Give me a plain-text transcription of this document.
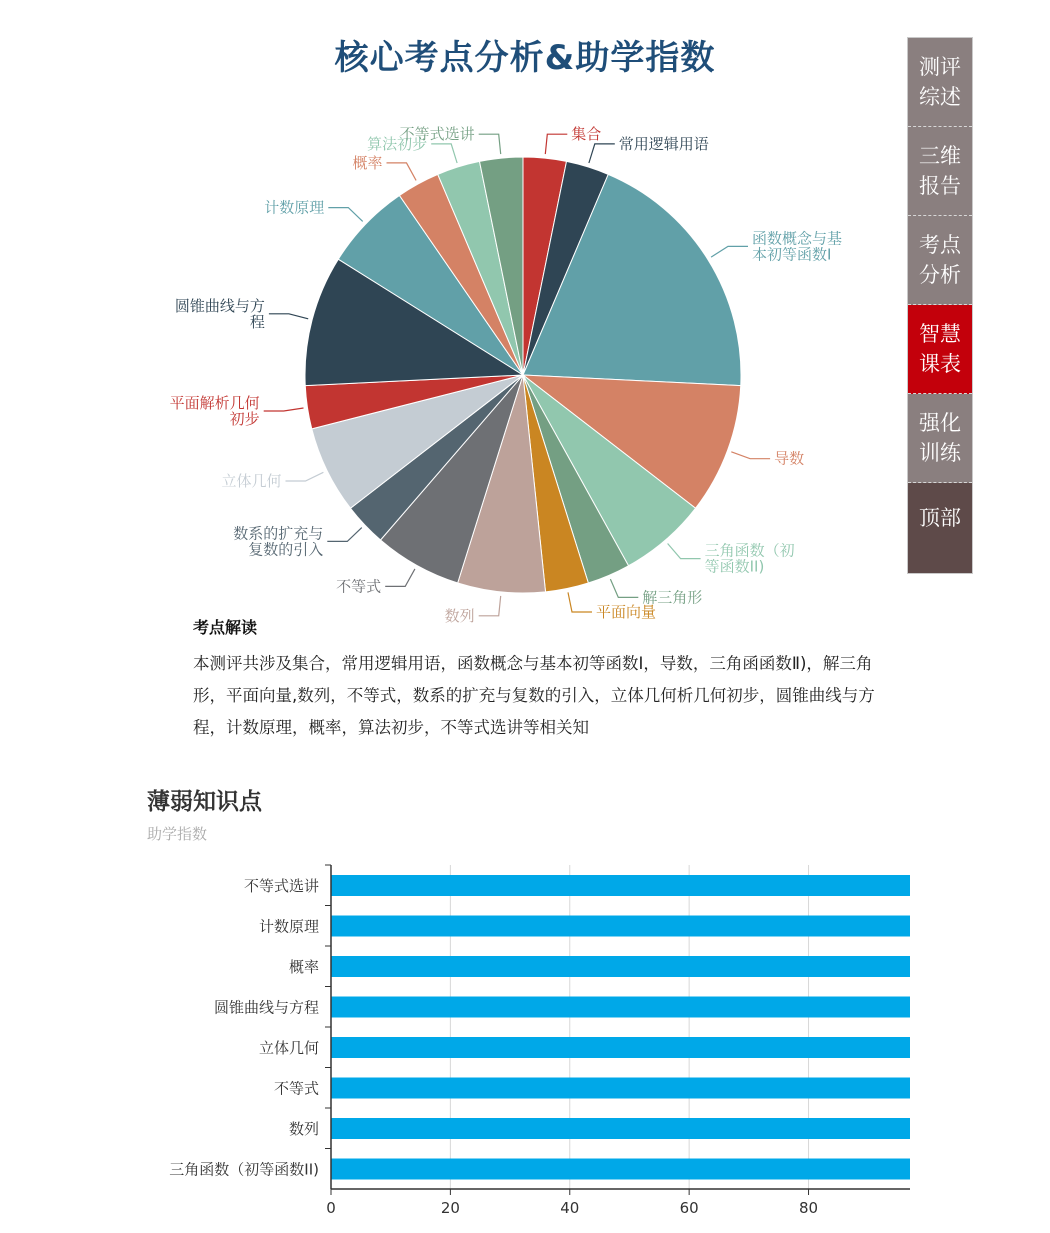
核心考点分析&助学指数
集合
常用逻辑用语
函数概念与基本初等函数Ⅰ
导数
三角函数（初等函数II)
解三角形
平面向量
数列
不等式
数系的扩充与复数的引入
立体几何
平面解析几何初步
圆锥曲线与方程
计数原理
概率
算法初步
不等式选讲
测评综述
三维报告
考点分析
智慧课表
强化训练
顶部
考点解读
本测评共涉及集合，常用逻辑用语，函数概念与基本初等函数Ⅰ，导数，三角函函数Ⅱ)，解三角形，平面向量,数列，不等式，数系的扩充与复数的引入，立体几何析几何初步，圆锥曲线与方程，计数原理，概率，算法初步，不等式选讲等相关知
薄弱知识点
助学指数
不等式选讲
计数原理
概率
圆锥曲线与方程
立体几何
不等式
数列
三角函数（初等函数II)
0	20	40	60	80
